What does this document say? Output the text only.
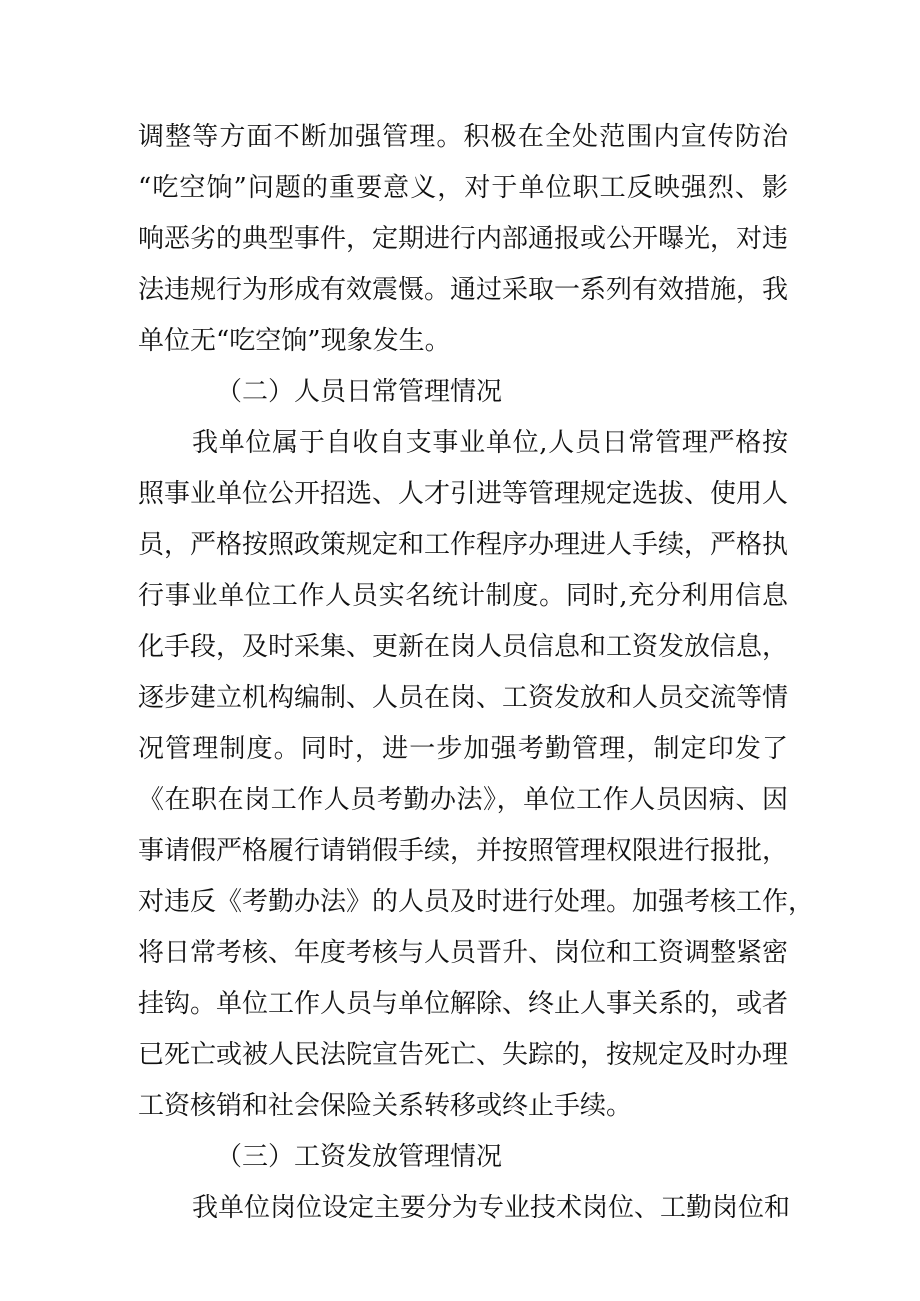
调整等方面不断加强管理。积极在全处范围内宣传防治
“吃空饷”问题的重要意义，对于单位职工反映强烈、影
响恶劣的典型事件，定期进行内部通报或公开曝光，对违
法违规行为形成有效震慑。通过采取一系列有效措施，我
单位无“吃空饷”现象发生。
（二）人员日常管理情况
我单位属于自收自支事业单位,人员日常管理严格按
照事业单位公开招选、人才引进等管理规定选拔、使用人
员，严格按照政策规定和工作程序办理进人手续，严格执
行事业单位工作人员实名统计制度。同时,充分利用信息
化手段，及时采集、更新在岗人员信息和工资发放信息，
逐步建立机构编制、人员在岗、工资发放和人员交流等情
况管理制度。同时，进一步加强考勤管理，制定印发了
《在职在岗工作人员考勤办法》，单位工作人员因病、因
事请假严格履行请销假手续，并按照管理权限进行报批，
对违反《考勤办法》的人员及时进行处理。加强考核工作，
将日常考核、年度考核与人员晋升、岗位和工资调整紧密
挂钩。单位工作人员与单位解除、终止人事关系的，或者
已死亡或被人民法院宣告死亡、失踪的，按规定及时办理
工资核销和社会保险关系转移或终止手续。
（三）工资发放管理情况
我单位岗位设定主要分为专业技术岗位、工勤岗位和
